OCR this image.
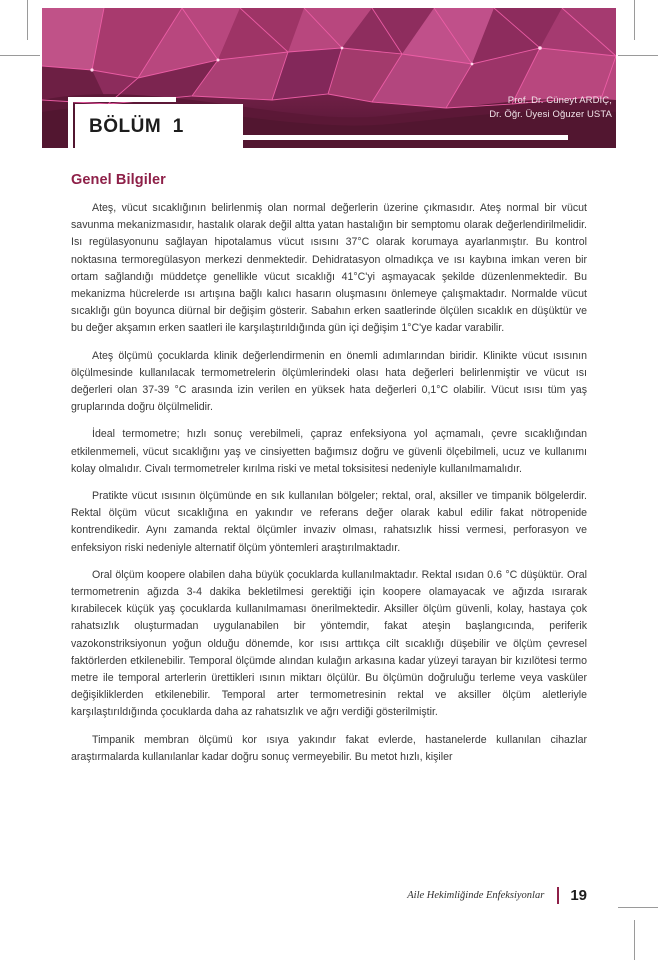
BÖLÜM  1
Prof. Dr. Cüneyt ARDIÇ,
Dr. Öğr. Üyesi Oğuzer USTA
Genel Bilgiler

Ateş, vücut sıcaklığının belirlenmiş olan normal değerlerin üzerine çıkmasıdır. Ateş normal bir vücut savunma mekanizmasıdır, hastalık olarak değil altta yatan hastalığın bir semptomu olarak değerlendirilmelidir. Isı regülasyonunu sağlayan hipotalamus vücut ısısını 37°C olarak korumaya ayarlanmıştır. Bu kontrol noktasına termoregülasyon merkezi denmektedir. Dehidratasyon olmadıkça ve ısı kaybına imkan veren bir ortam sağlandığı müddetçe genellikle vücut sıcaklığı 41°C'yi aşmayacak şekilde düzenlenmektedir. Bu mekanizma hücrelerde ısı artışına bağlı kalıcı hasarın oluşmasını önlemeye çalışmaktadır. Normalde vücut sıcaklığı gün boyunca diürnal bir değişim gösterir. Sabahın erken saatlerinde ölçülen sıcaklık en düşüktür ve bu değer akşamın erken saatleri ile karşılaştırıldığında gün içi değişim 1°C'ye kadar varabilir.

Ateş ölçümü çocuklarda klinik değerlendirmenin en önemli adımlarından biridir. Klinikte vücut ısısının ölçülmesinde kullanılacak termometrelerin ölçümlerindeki olası hata değerleri belirlenmiştir ve vücut ısı değerleri olan 37-39 °C arasında izin verilen en yüksek hata değerleri 0,1°C olabilir. Vücut ısısı tüm yaş gruplarında doğru ölçülmelidir.

İdeal termometre; hızlı sonuç verebilmeli, çapraz enfeksiyona yol açmamalı, çevre sıcaklığından etkilenmemeli, vücut sıcaklığını yaş ve cinsiyetten bağımsız doğru ve güvenli ölçebilmeli, ucuz ve kullanımı kolay olmalıdır. Civalı termometreler kırılma riski ve metal toksisitesi nedeniyle kullanılmamalıdır.

Pratikte vücut ısısının ölçümünde en sık kullanılan bölgeler; rektal, oral, aksiller ve timpanik bölgelerdir. Rektal ölçüm vücut sıcaklığına en yakındır ve referans değer olarak kabul edilir fakat nötropenide kontrendikedir. Aynı zamanda rektal ölçümler invaziv olması, rahatsızlık hissi vermesi, perforasyon ve enfeksiyon riski nedeniyle alternatif ölçüm yöntemleri araştırılmaktadır.

Oral ölçüm koopere olabilen daha büyük çocuklarda kullanılmaktadır. Rektal ısıdan 0.6 °C düşüktür. Oral termometrenin ağızda 3-4 dakika bekletilmesi gerektiği için koopere olamayacak ve ağızda ısırarak kırabilecek küçük yaş çocuklarda kullanılmaması önerilmektedir. Aksiller ölçüm güvenli, kolay, hastaya çok rahatsızlık oluşturmadan uygulanabilen bir yöntemdir, fakat ateşin başlangıcında, periferik vazokonstriksiyonun yoğun olduğu dönemde, kor ısısı arttıkça cilt sıcaklığı düşebilir ve ölçüm çevresel faktörlerden etkilenebilir. Temporal ölçümde alından kulağın arkasına kadar yüzeyi tarayan bir kızılötesi termo metre ile temporal arterlerin ürettikleri ısının miktarı ölçülür. Bu ölçümün doğruluğu terleme veya vasküler değişikliklerden etkilenebilir. Temporal arter termometresinin rektal ve aksiller ölçüm aletleriyle karşılaştırıldığında çocuklarda daha az rahatsızlık ve ağrı verdiği gösterilmiştir.

Timpanik membran ölçümü kor ısıya yakındır fakat evlerde, hastanelerde kullanılan cihazlar araştırmalarda kullanılanlar kadar doğru sonuç vermeyebilir. Bu metot hızlı, kişiler

Aile Hekimliğinde Enfeksiyonlar 19
